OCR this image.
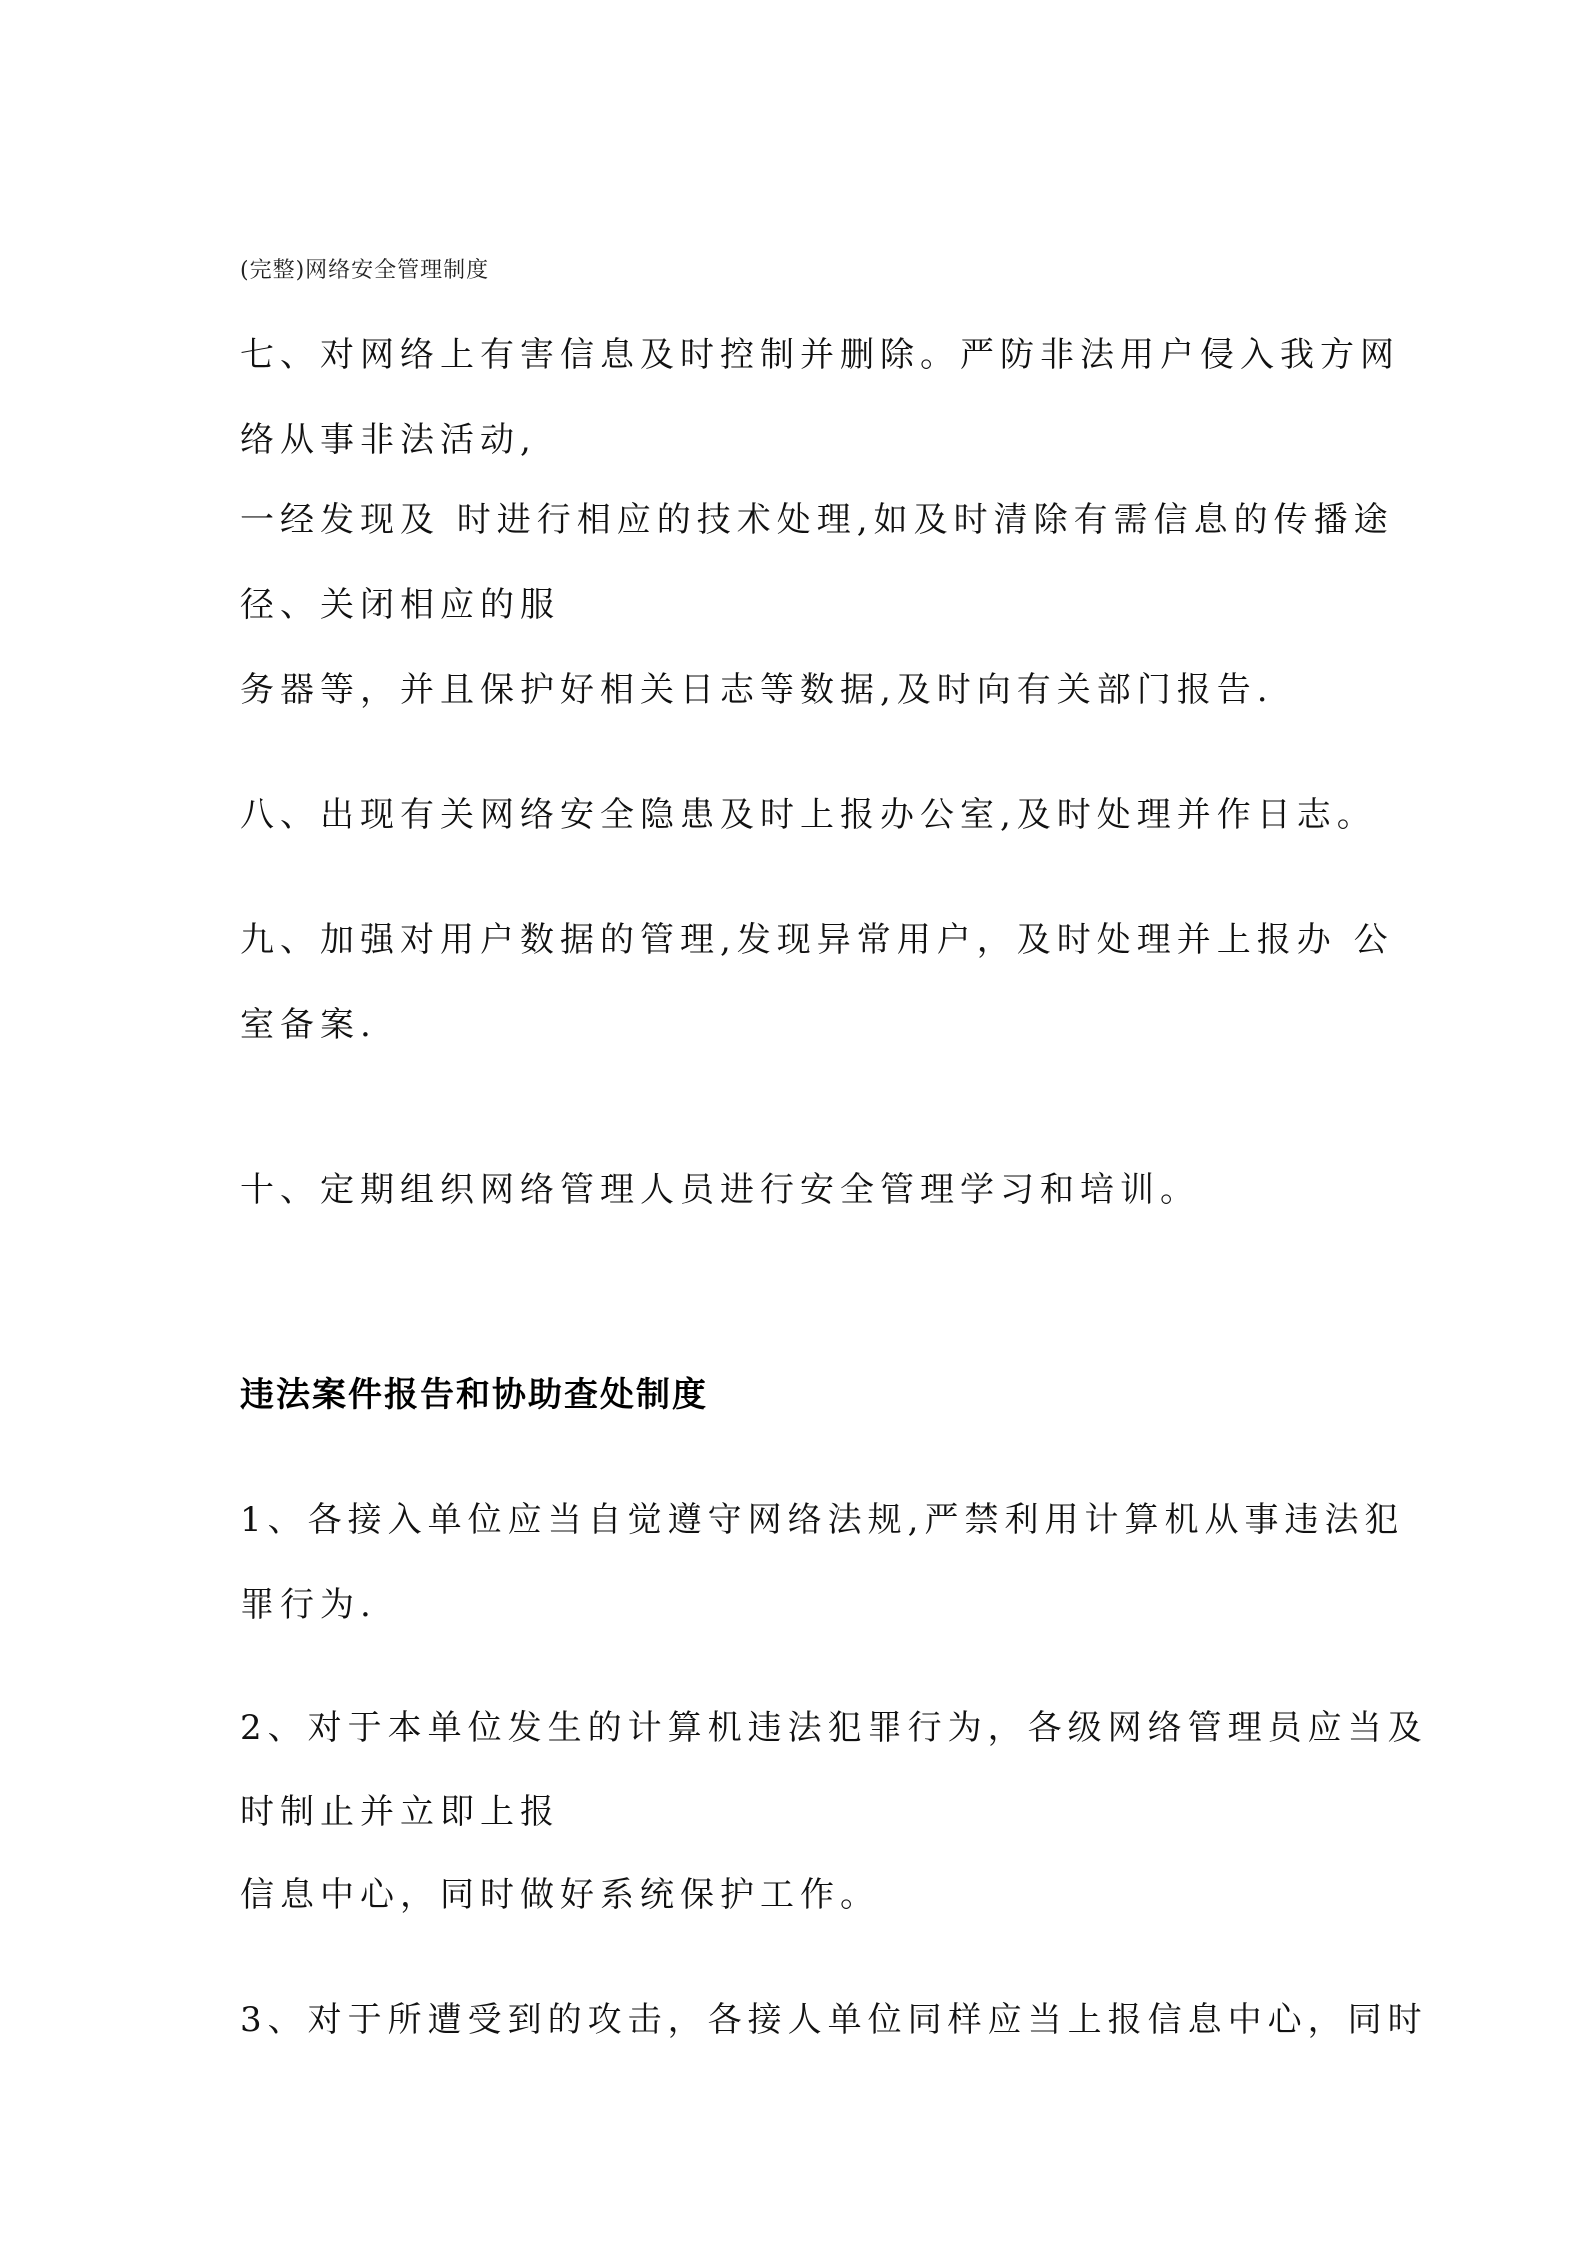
(完整)网络安全管理制度
七、对网络上有害信息及时控制并删除。严防非法用户侵入我方网
络从事非法活动,
一经发现及 时进行相应的技术处理,如及时清除有需信息的传播途
径、关闭相应的服
务器等，并且保护好相关日志等数据,及时向有关部门报告.
八、出现有关网络安全隐患及时上报办公室,及时处理并作日志。
九、加强对用户数据的管理,发现异常用户，及时处理并上报办 公
室备案.
十、定期组织网络管理人员进行安全管理学习和培训。
违法案件报告和协助查处制度
1、各接入单位应当自觉遵守网络法规,严禁利用计算机从事违法犯
罪行为.
2、对于本单位发生的计算机违法犯罪行为，各级网络管理员应当及
时制止并立即上报
信息中心，同时做好系统保护工作。
3、对于所遭受到的攻击，各接人单位同样应当上报信息中心，同时
